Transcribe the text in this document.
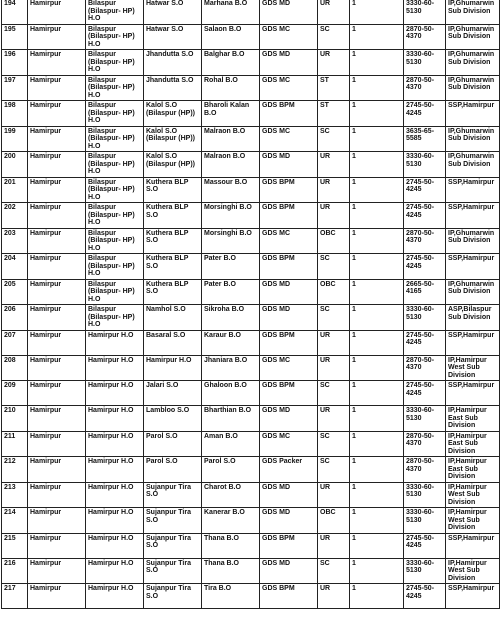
194	Hamirpur	Bilaspur (Bilaspur- HP) H.O	Hatwar S.O	Marhana B.O	GDS MD	UR	1	3330-60-5130	IP,Ghumarwin Sub Division
195	Hamirpur	Bilaspur (Bilaspur- HP) H.O	Hatwar S.O	Salaon B.O	GDS MC	SC	1	2870-50-4370	IP,Ghumarwin Sub Division
196	Hamirpur	Bilaspur (Bilaspur- HP) H.O	Jhandutta S.O	Balghar B.O	GDS MD	UR	1	3330-60-5130	IP,Ghumarwin Sub Division
197	Hamirpur	Bilaspur (Bilaspur- HP) H.O	Jhandutta S.O	Rohal B.O	GDS MC	ST	1	2870-50-4370	IP,Ghumarwin Sub Division
198	Hamirpur	Bilaspur (Bilaspur- HP) H.O	Kalol S.O (Bilaspur (HP))	Bharoli Kalan B.O	GDS BPM	ST	1	2745-50-4245	SSP,Hamirpur
199	Hamirpur	Bilaspur (Bilaspur- HP) H.O	Kalol S.O (Bilaspur (HP))	Malraon B.O	GDS MC	SC	1	3635-65-5585	IP,Ghumarwin Sub Division
200	Hamirpur	Bilaspur (Bilaspur- HP) H.O	Kalol S.O (Bilaspur (HP))	Malraon B.O	GDS MD	UR	1	3330-60-5130	IP,Ghumarwin Sub Division
201	Hamirpur	Bilaspur (Bilaspur- HP) H.O	Kuthera BLP S.O	Massour B.O	GDS BPM	UR	1	2745-50-4245	SSP,Hamirpur
202	Hamirpur	Bilaspur (Bilaspur- HP) H.O	Kuthera BLP S.O	Morsinghi B.O	GDS BPM	UR	1	2745-50-4245	SSP,Hamirpur
203	Hamirpur	Bilaspur (Bilaspur- HP) H.O	Kuthera BLP S.O	Morsinghi B.O	GDS MC	OBC	1	2870-50-4370	IP,Ghumarwin Sub Division
204	Hamirpur	Bilaspur (Bilaspur- HP) H.O	Kuthera BLP S.O	Pater B.O	GDS BPM	SC	1	2745-50-4245	SSP,Hamirpur
205	Hamirpur	Bilaspur (Bilaspur- HP) H.O	Kuthera BLP S.O	Pater B.O	GDS MD	OBC	1	2665-50-4165	IP,Ghumarwin Sub Division
206	Hamirpur	Bilaspur (Bilaspur- HP) H.O	Namhol S.O	Sikroha B.O	GDS MD	SC	1	3330-60-5130	ASP,Bilaspur Sub Division
207	Hamirpur	Hamirpur H.O	Basaral S.O	Karaur B.O	GDS BPM	UR	1	2745-50-4245	SSP,Hamirpur
208	Hamirpur	Hamirpur H.O	Hamirpur H.O	Jhaniara B.O	GDS MC	UR	1	2870-50-4370	IP,Hamirpur West Sub Division
209	Hamirpur	Hamirpur H.O	Jalari S.O	Ghaloon B.O	GDS BPM	SC	1	2745-50-4245	SSP,Hamirpur
210	Hamirpur	Hamirpur H.O	Lambloo S.O	Bharthian B.O	GDS MD	UR	1	3330-60-5130	IP,Hamirpur East Sub Division
211	Hamirpur	Hamirpur H.O	Parol S.O	Aman B.O	GDS MC	SC	1	2870-50-4370	IP,Hamirpur East Sub Division
212	Hamirpur	Hamirpur H.O	Parol S.O	Parol S.O	GDS Packer	SC	1	2870-50-4370	IP,Hamirpur East Sub Division
213	Hamirpur	Hamirpur H.O	Sujanpur Tira S.O	Charot B.O	GDS MD	UR	1	3330-60-5130	IP,Hamirpur West Sub Division
214	Hamirpur	Hamirpur H.O	Sujanpur Tira S.O	Kanerar B.O	GDS MD	OBC	1	3330-60-5130	IP,Hamirpur West Sub Division
215	Hamirpur	Hamirpur H.O	Sujanpur Tira S.O	Thana B.O	GDS BPM	UR	1	2745-50-4245	SSP,Hamirpur
216	Hamirpur	Hamirpur H.O	Sujanpur Tira S.O	Thana B.O	GDS MD	SC	1	3330-60-5130	IP,Hamirpur West Sub Division
217	Hamirpur	Hamirpur H.O	Sujanpur Tira S.O	Tira B.O	GDS BPM	UR	1	2745-50-4245	SSP,Hamirpur
